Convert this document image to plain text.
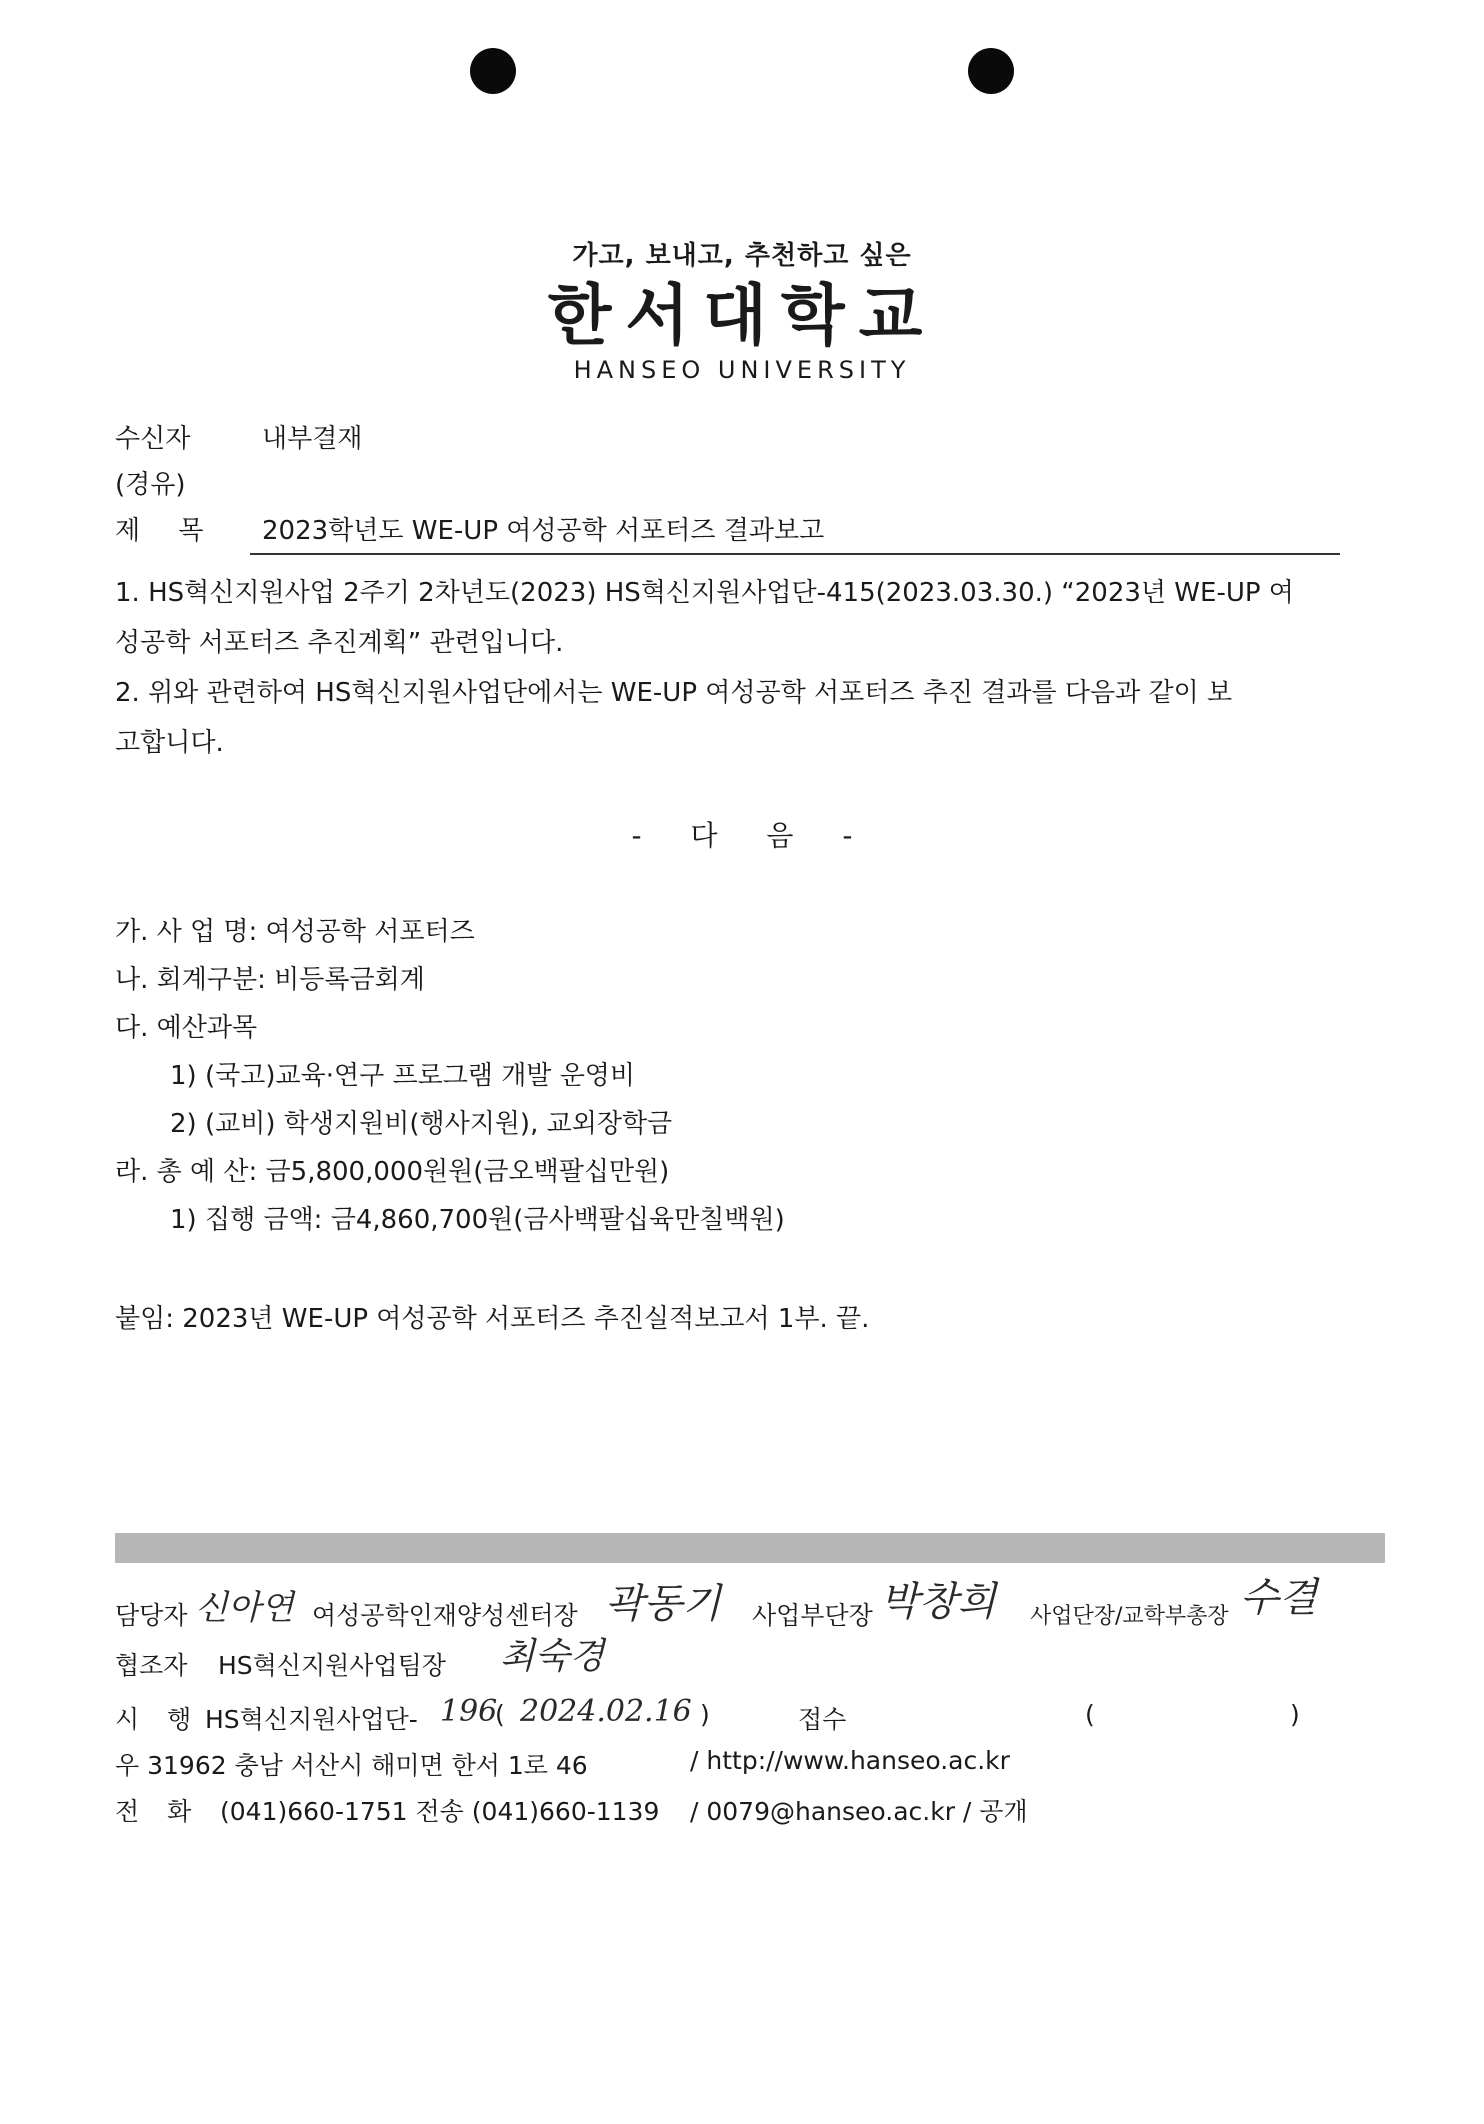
가고, 보내고, 추천하고 싶은
한서대학교
HANSEO UNIVERSITY
수신자	내부결재
(경유)
제 목 2023학년도 WE-UP 여성공학 서포터즈 결과보고

1. HS혁신지원사업 2주기 2차년도(2023) HS혁신지원사업단-415(2023.03.30.) “2023년 WE-UP 여

성공학 서포터즈 추진계획” 관련입니다.

2. 위와 관련하여 HS혁신지원사업단에서는 WE-UP 여성공학 서포터즈 추진 결과를 다음과 같이 보

고합니다.

- 다 음 -

가. 사 업 명: 여성공학 서포터즈

나. 회계구분: 비등록금회계

다. 예산과목

1) (국고)교육·연구 프로그램 개발 운영비

2) (교비) 학생지원비(행사지원), 교외장학금

라. 총 예 산: 금5,800,000원원(금오백팔십만원)

1) 집행 금액: 금4,860,700원(금사백팔십육만칠백원)

붙임: 2023년 WE-UP 여성공학 서포터즈 추진실적보고서 1부. 끝.
담당자 신아연 여성공학인재양성센터장 곽동기 사업부단장 박창희 사업단장/교학부총장 수결
협조자 HS혁신지원사업팀장 최숙경
시 행 HS혁신지원사업단- 196
( 2024.02.16 )	접수	(	)
우 31962 충남 서산시 해미면 한서 1로 46	/ http://www.hanseo.ac.kr
전 화 (041)660-1751 전송 (041)660-1139 / 0079@hanseo.ac.kr / 공개
